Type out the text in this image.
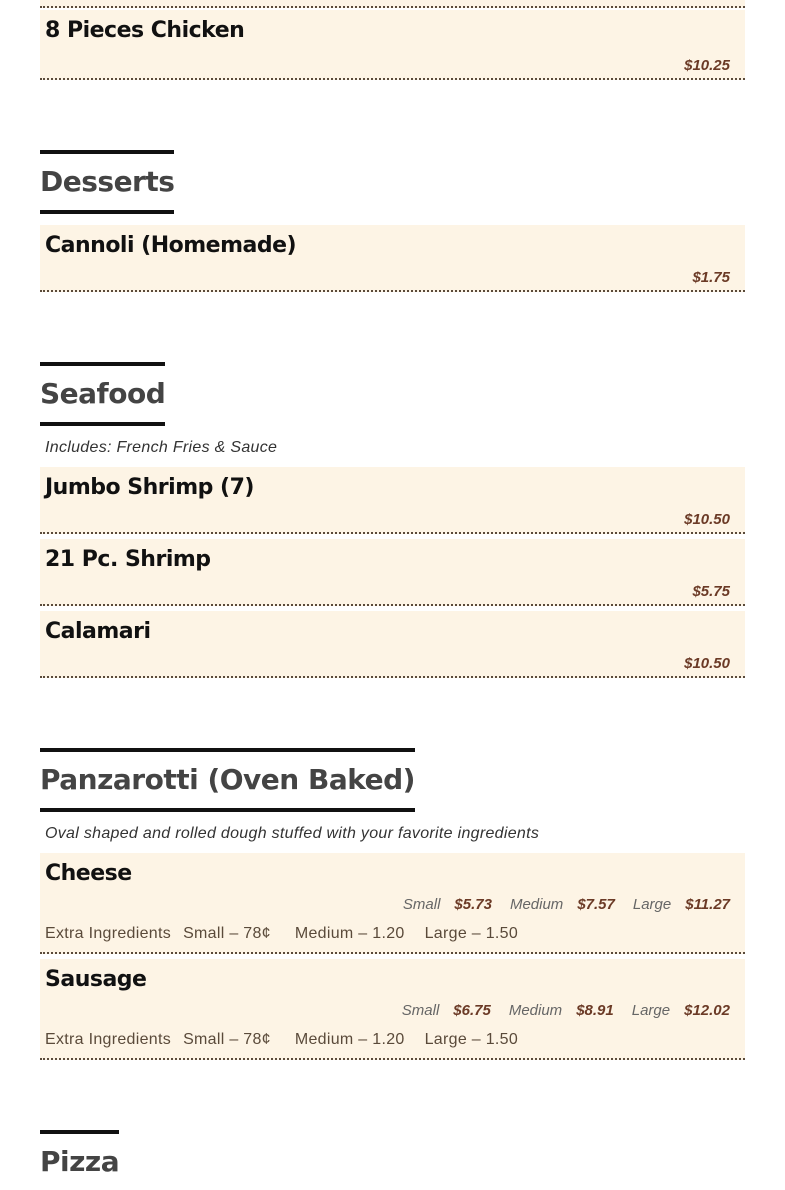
8 Pieces Chicken
$10.25
Desserts
Cannoli (Homemade)
$1.75
Seafood
Includes: French Fries & Sauce
Jumbo Shrimp (7)
$10.50
21 Pc. Shrimp
$5.75
Calamari
$10.50
Panzarotti (Oven Baked)
Oval shaped and rolled dough stuffed with your favorite ingredients
Cheese
Small $5.73 Medium $7.57 Large $11.27
Extra Ingredients Small – 78¢ Medium – 1.20 Large – 1.50
Sausage
Small $6.75 Medium $8.91 Large $12.02
Extra Ingredients Small – 78¢ Medium – 1.20 Large – 1.50
Pizza
